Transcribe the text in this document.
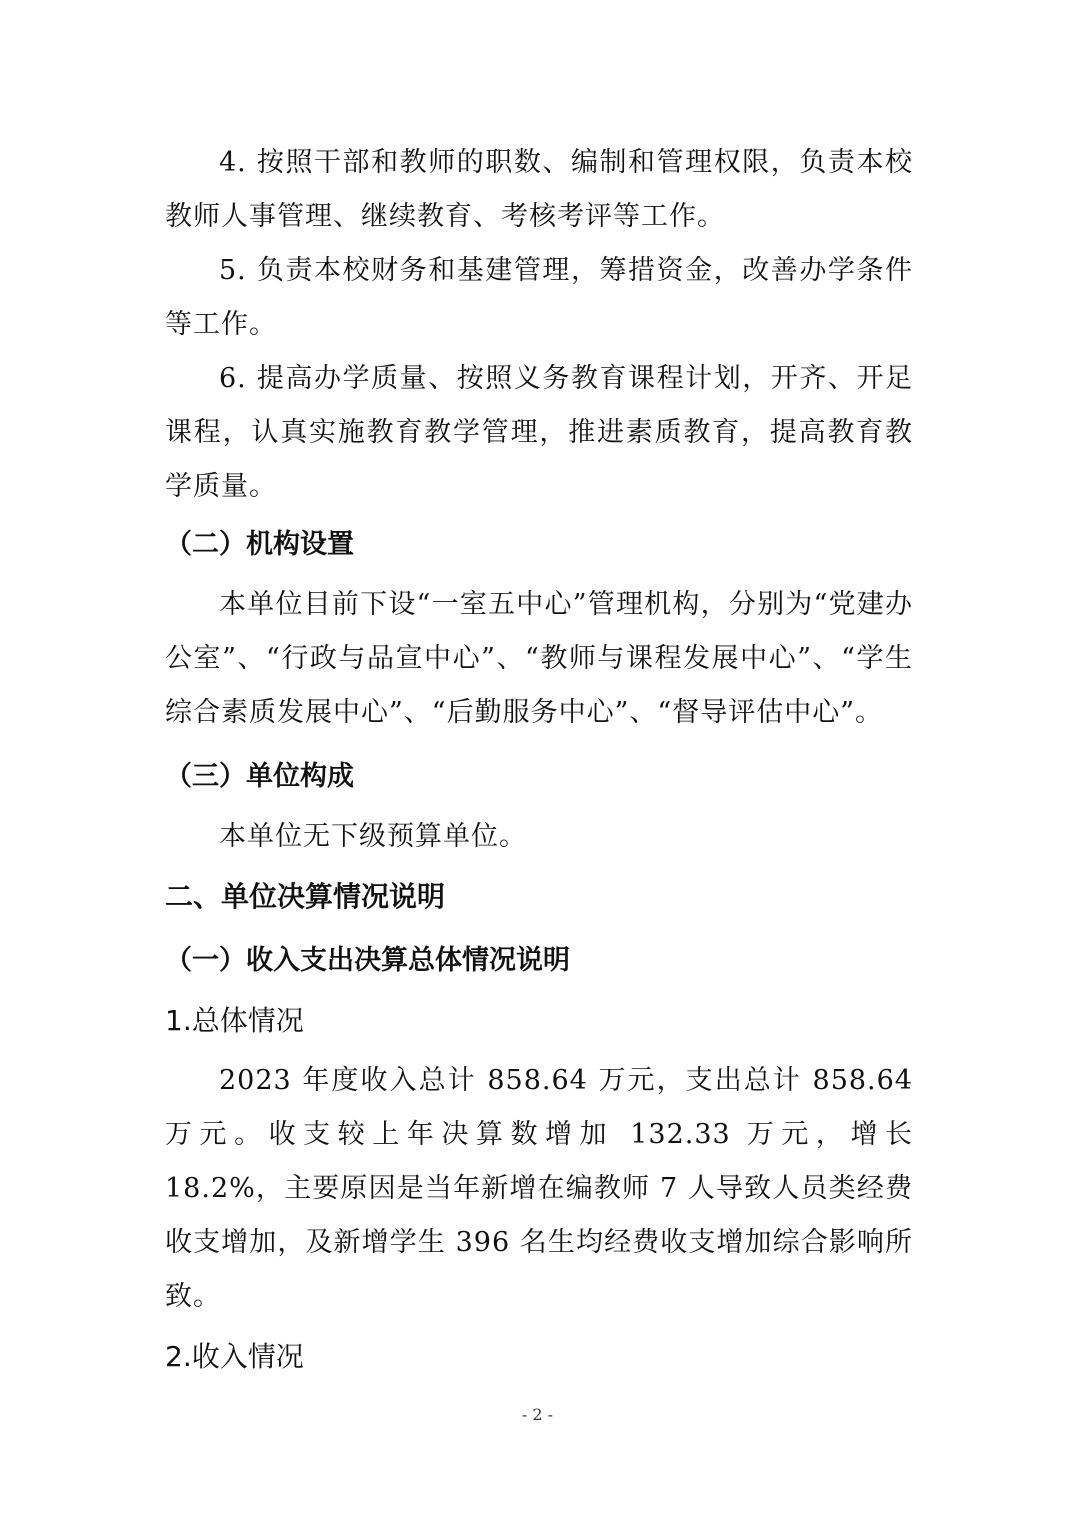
4. 按照干部和教师的职数、编制和管理权限，负责本校教师人事管理、继续教育、考核考评等工作。

5. 负责本校财务和基建管理，筹措资金，改善办学条件等工作。

6. 提高办学质量、按照义务教育课程计划，开齐、开足课程，认真实施教育教学管理，推进素质教育，提高教育教学质量。

（二）机构设置

本单位目前下设“一室五中心”管理机构，分别为“党建办公室”、“行政与品宣中心”、“教师与课程发展中心”、“学生综合素质发展中心”、“后勤服务中心”、“督导评估中心”。

（三）单位构成

本单位无下级预算单位。

二、单位决算情况说明

（一）收入支出决算总体情况说明

1.总体情况

2023 年度收入总计 858.64 万元，支出总计 858.64 万元。收支较上年决算数增加 132.33 万元，增长 18.2%，主要原因是当年新增在编教师 7 人导致人员类经费收支增加，及新增学生 396 名生均经费收支增加综合影响所致。

2.收入情况

- 2 -
